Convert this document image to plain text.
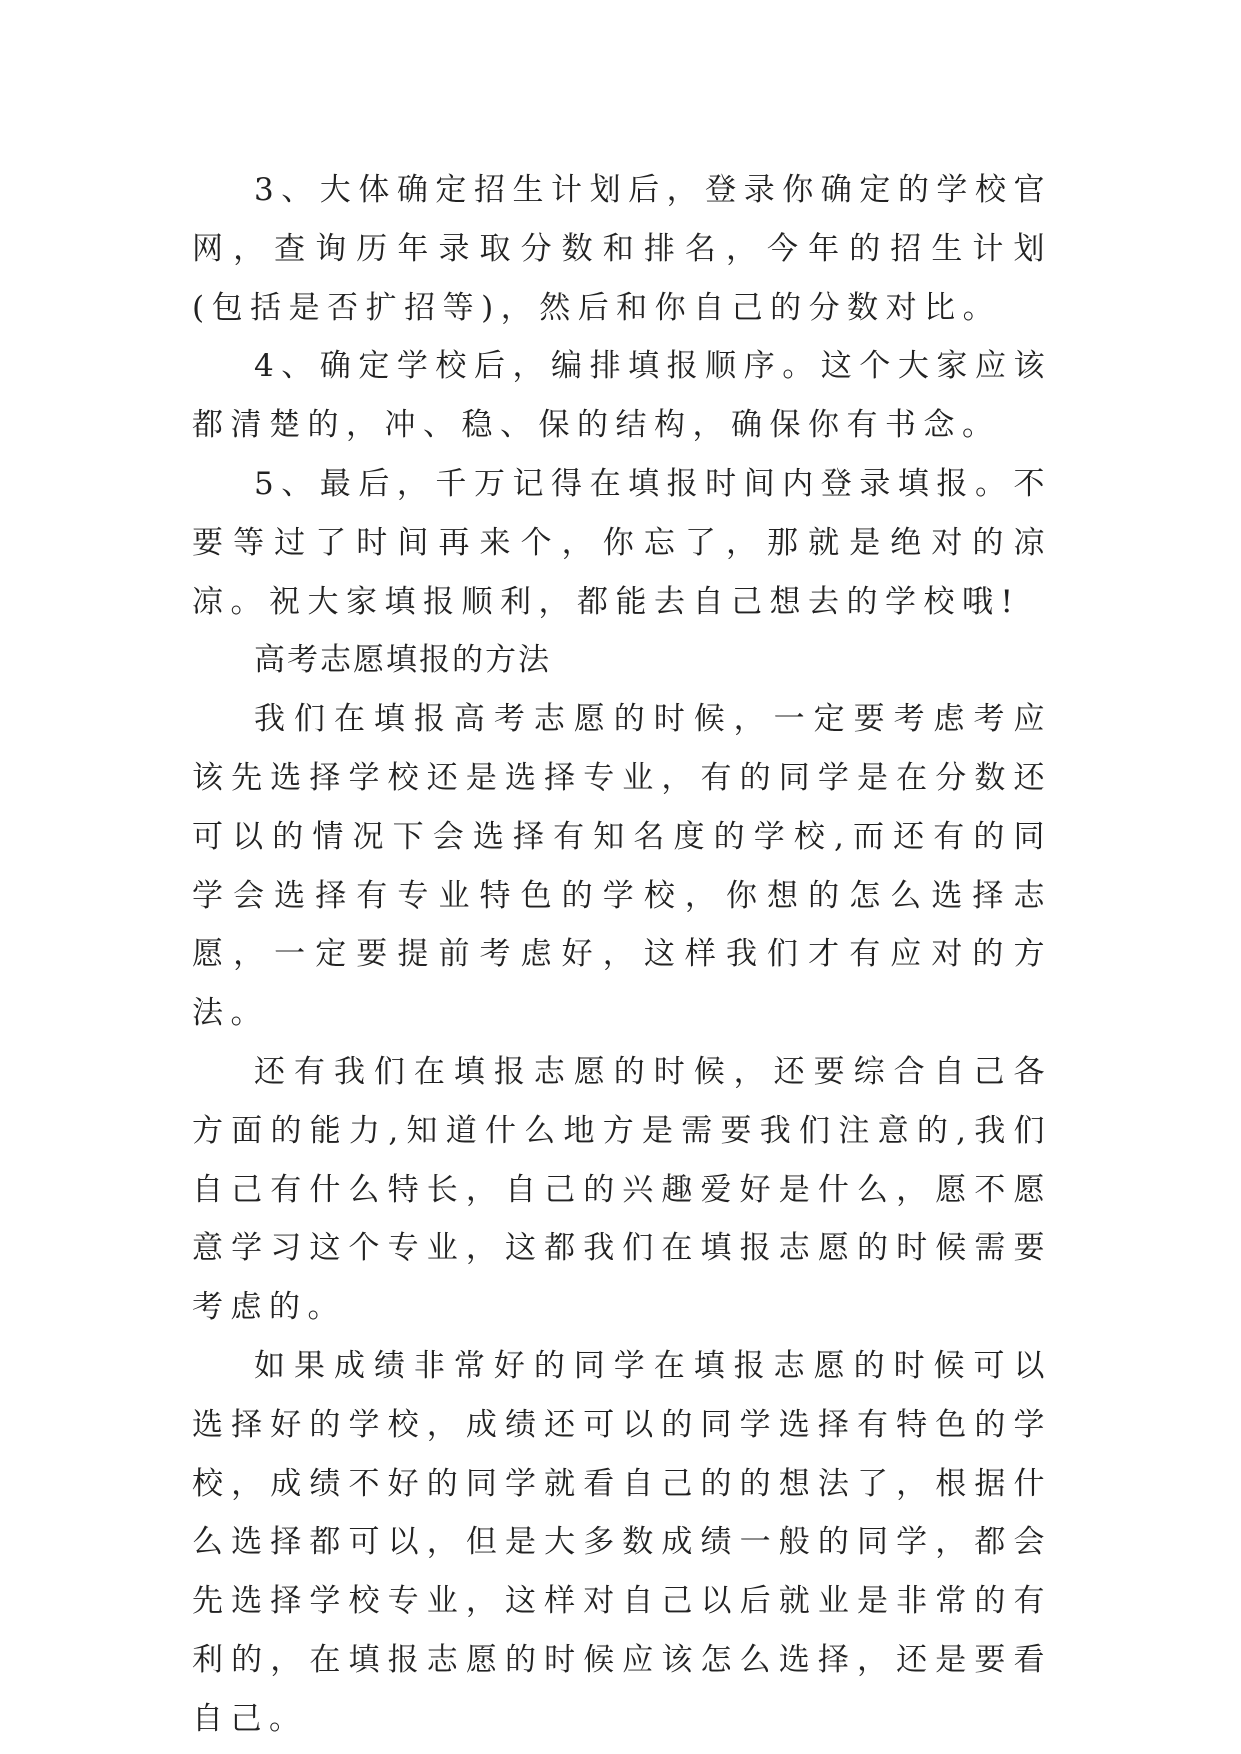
3、大体确定招生计划后，登录你确定的学校官网，查询历年录取分数和排名，今年的招生计划(包括是否扩招等)，然后和你自己的分数对比。

4、确定学校后，编排填报顺序。这个大家应该都清楚的，冲、稳、保的结构，确保你有书念。

5、最后，千万记得在填报时间内登录填报。不要等过了时间再来个，你忘了，那就是绝对的凉凉。祝大家填报顺利，都能去自己想去的学校哦!

高考志愿填报的方法

我们在填报高考志愿的时候，一定要考虑考应该先选择学校还是选择专业，有的同学是在分数还可以的情况下会选择有知名度的学校,而还有的同学会选择有专业特色的学校，你想的怎么选择志愿，一定要提前考虑好，这样我们才有应对的方法。

还有我们在填报志愿的时候，还要综合自己各方面的能力,知道什么地方是需要我们注意的,我们自己有什么特长，自己的兴趣爱好是什么，愿不愿意学习这个专业，这都我们在填报志愿的时候需要考虑的。

如果成绩非常好的同学在填报志愿的时候可以选择好的学校，成绩还可以的同学选择有特色的学校，成绩不好的同学就看自己的的想法了，根据什么选择都可以，但是大多数成绩一般的同学，都会先选择学校专业，这样对自己以后就业是非常的有利的，在填报志愿的时候应该怎么选择，还是要看自己。
